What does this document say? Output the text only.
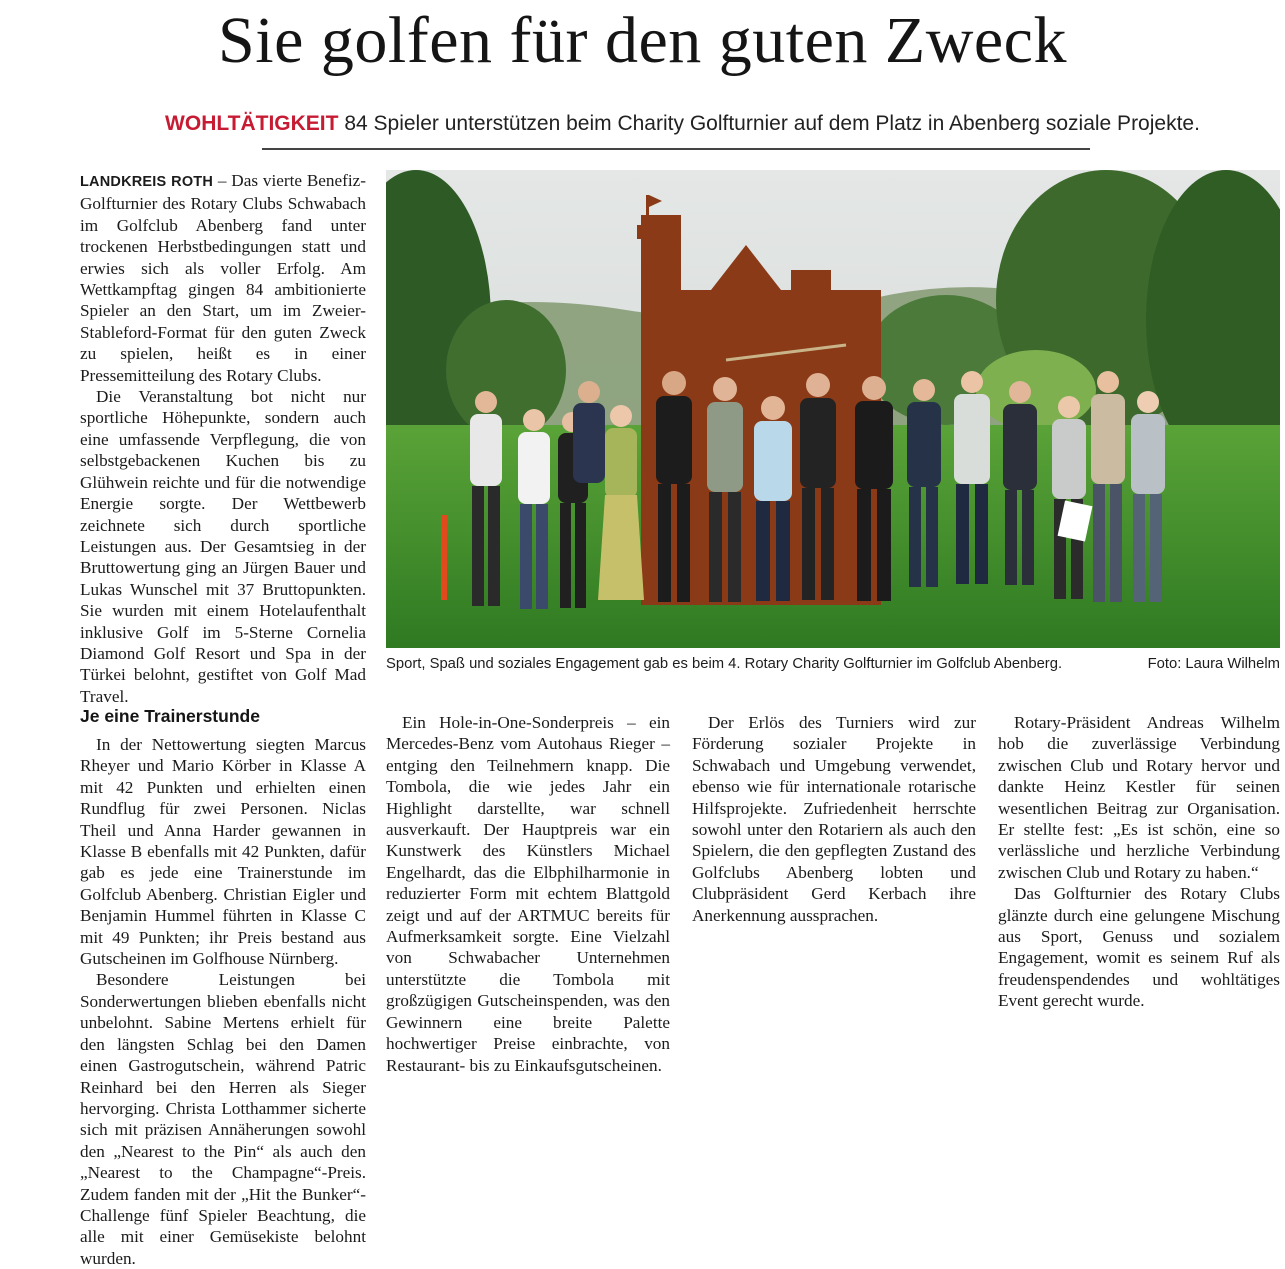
Sie golfen für den guten Zweck
WOHLTÄTIGKEIT 84 Spieler unterstützen beim Charity Golfturnier auf dem Platz in Abenberg soziale Projekte.

LANDKREIS ROTH – Das vierte Benefiz-Golfturnier des Rotary Clubs Schwabach im Golfclub Abenberg fand unter trockenen Herbstbedingungen statt und erwies sich als voller Erfolg. Am Wettkampftag gingen 84 ambitionierte Spieler an den Start, um im Zweier-Stableford-Format für den guten Zweck zu spielen, heißt es in einer Pressemitteilung des Rotary Clubs.

Die Veranstaltung bot nicht nur sportliche Höhepunkte, sondern auch eine umfassende Verpflegung, die von selbstgebackenen Kuchen bis zu Glühwein reichte und für die notwendige Energie sorgte. Der Wettbewerb zeichnete sich durch sportliche Leistungen aus. Der Gesamtsieg in der Bruttowertung ging an Jürgen Bauer und Lukas Wunschel mit 37 Bruttopunkten. Sie wurden mit einem Hotelaufenthalt inklusive Golf im 5-Sterne Cornelia Diamond Golf Resort und Spa in der Türkei belohnt, gestiftet von Golf Mad Travel.

Sport, Spaß und soziales Engagement gab es beim 4. Rotary Charity Golfturnier im Golfclub Abenberg.	Foto: Laura Wilhelm
Je eine Trainerstunde

In der Nettowertung siegten Marcus Rheyer und Mario Körber in Klasse A mit 42 Punkten und erhielten einen Rundflug für zwei Personen. Niclas Theil und Anna Harder gewannen in Klasse B ebenfalls mit 42 Punkten, dafür gab es jede eine Trainerstunde im Golfclub Abenberg. Christian Eigler und Benjamin Hummel führten in Klasse C mit 49 Punkten; ihr Preis bestand aus Gutscheinen im Golfhouse Nürnberg.

Besondere Leistungen bei Sonderwertungen blieben ebenfalls nicht unbelohnt. Sabine Mertens erhielt für den längsten Schlag bei den Damen einen Gastrogutschein, während Patric Reinhard bei den Herren als Sieger hervorging. Christa Lotthammer sicherte sich mit präzisen Annäherungen sowohl den „Nearest to the Pin“ als auch den „Nearest to the Champagne“-Preis. Zudem fanden mit der „Hit the Bunker“-Challenge fünf Spieler Beachtung, die alle mit einer Gemüsekiste belohnt wurden.

Ein Hole-in-One-Sonderpreis – ein Mercedes-Benz vom Autohaus Rieger – entging den Teilnehmern knapp. Die Tombola, die wie jedes Jahr ein Highlight darstellte, war schnell ausverkauft. Der Hauptpreis war ein Kunstwerk des Künstlers Michael Engelhardt, das die Elbphilharmonie in reduzierter Form mit echtem Blattgold zeigt und auf der ARTMUC bereits für Aufmerksamkeit sorgte. Eine Vielzahl von Schwabacher Unternehmen unterstützte die Tombola mit großzügigen Gutscheinspenden, was den Gewinnern eine breite Palette hochwertiger Preise einbrachte, von Restaurant- bis zu Einkaufsgutscheinen.

Der Erlös des Turniers wird zur Förderung sozialer Projekte in Schwabach und Umgebung verwendet, ebenso wie für internationale rotarische Hilfsprojekte. Zufriedenheit herrschte sowohl unter den Rotariern als auch den Spielern, die den gepflegten Zustand des Golfclubs Abenberg lobten und Clubpräsident Gerd Kerbach ihre Anerkennung aussprachen.

Rotary-Präsident Andreas Wilhelm hob die zuverlässige Verbindung zwischen Club und Rotary hervor und dankte Heinz Kestler für seinen wesentlichen Beitrag zur Organisation. Er stellte fest: „Es ist schön, eine so verlässliche und herzliche Verbindung zwischen Club und Rotary zu haben.“

Das Golfturnier des Rotary Clubs glänzte durch eine gelungene Mischung aus Sport, Genuss und sozialem Engagement, womit es seinem Ruf als freudenspendendes und wohltätiges Event gerecht wurde.
